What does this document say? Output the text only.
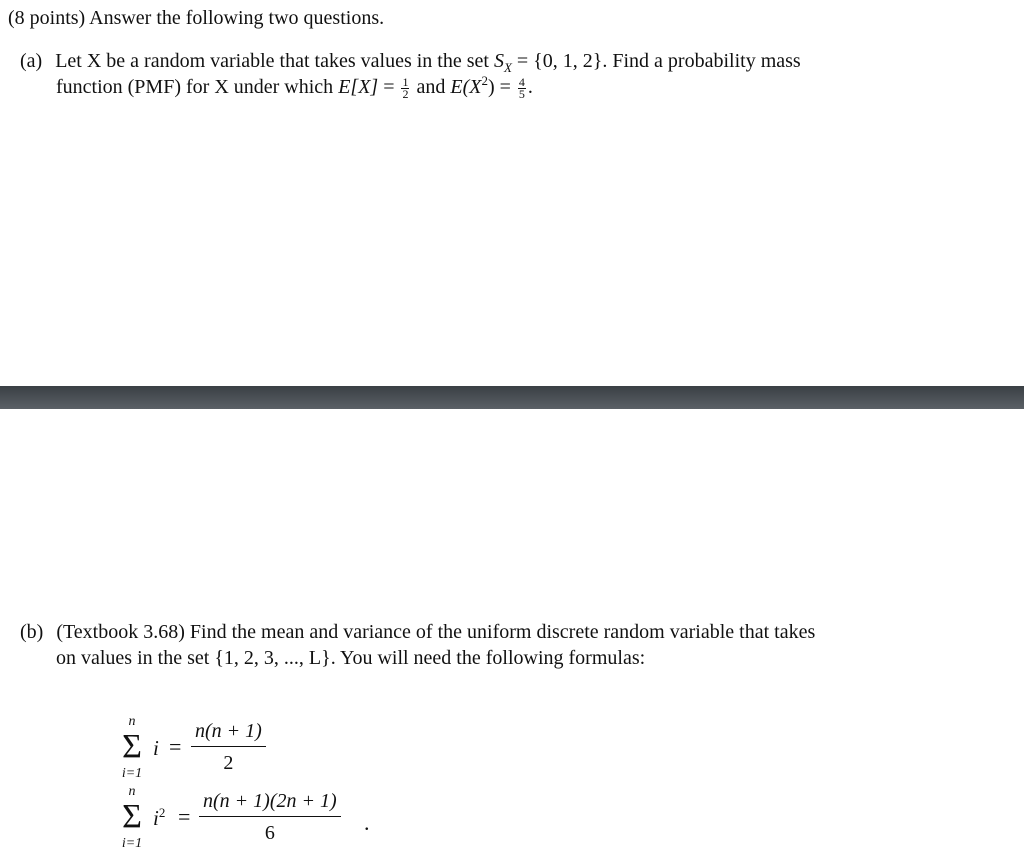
(8 points) Answer the following two questions.
(a) Let X be a random variable that takes values in the set $S_X = \{0$, 1, 2}. Find a probability mass
function (PMF) for X under which $E[X] = \frac{1}{2}$ and $E(X^2) = \frac{4}{5}$ .
(b) (Textbook 3.68) Find the mean and variance of the uniform discrete random variable that takes
on values in the set {1, 2, 3, ..., L}. You will need the following formulas:
n
Σ
i=1
$i = \frac{n(n + 1)}{2}$
n
Σ
i=1
$i^2 = \frac{n(n + 1)(2n + 1)}{6}$ .
